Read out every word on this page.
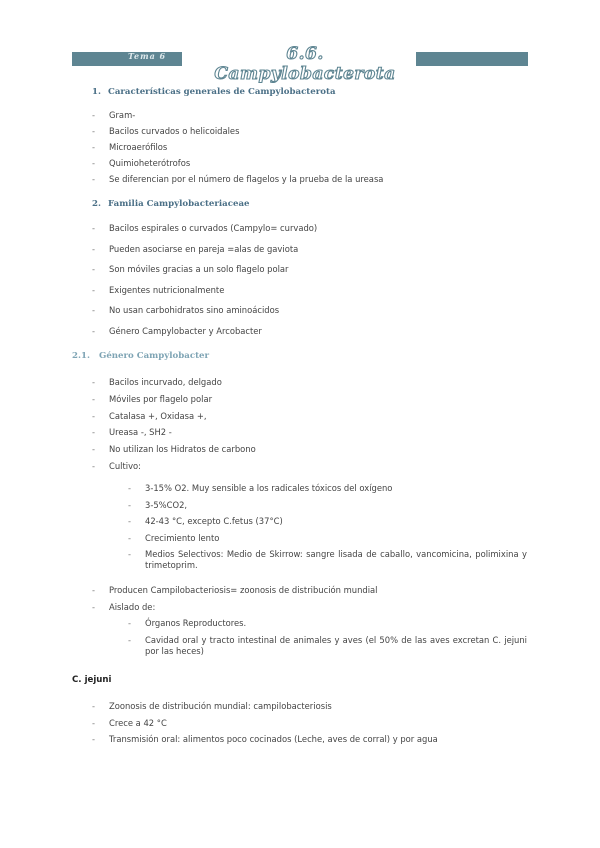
Tema 6	6.6. Campylobacterota
1. Características generales de Campylobacterota
- Gram-
- Bacilos curvados o helicoidales
- Microaerófilos
- Quimioheterótrofos
- Se diferencian por el número de flagelos y la prueba de la ureasa
2. Familia Campylobacteriaceae
- Bacilos espirales o curvados (Campylo= curvado)
- Pueden asociarse en pareja =alas de gaviota
- Son móviles gracias a un solo flagelo polar
- Exigentes nutricionalmente
- No usan carbohidratos sino aminoácidos
- Género Campylobacter y Arcobacter
2.1. Género Campylobacter
- Bacilos incurvado, delgado
- Móviles por flagelo polar
- Catalasa +, Oxidasa +,
- Ureasa -, SH2 -
- No utilizan los Hidratos de carbono
- Cultivo:
- 3-15% O2. Muy sensible a los radicales tóxicos del oxígeno
- 3-5%CO2,
- 42-43 °C, excepto C.fetus (37°C)
- Crecimiento lento
- Medios Selectivos: Medio de Skirrow: sangre lisada de caballo, vancomicina, polimixina y trimetoprim.
- Producen Campilobacteriosis= zoonosis de distribución mundial
- Aislado de:
- Órganos Reproductores.
- Cavidad oral y tracto intestinal de animales y aves (el 50% de las aves excretan C. jejuni por las heces)
C. jejuni
- Zoonosis de distribución mundial: campilobacteriosis
- Crece a 42 °C
- Transmisión oral: alimentos poco cocinados (Leche, aves de corral) y por agua
